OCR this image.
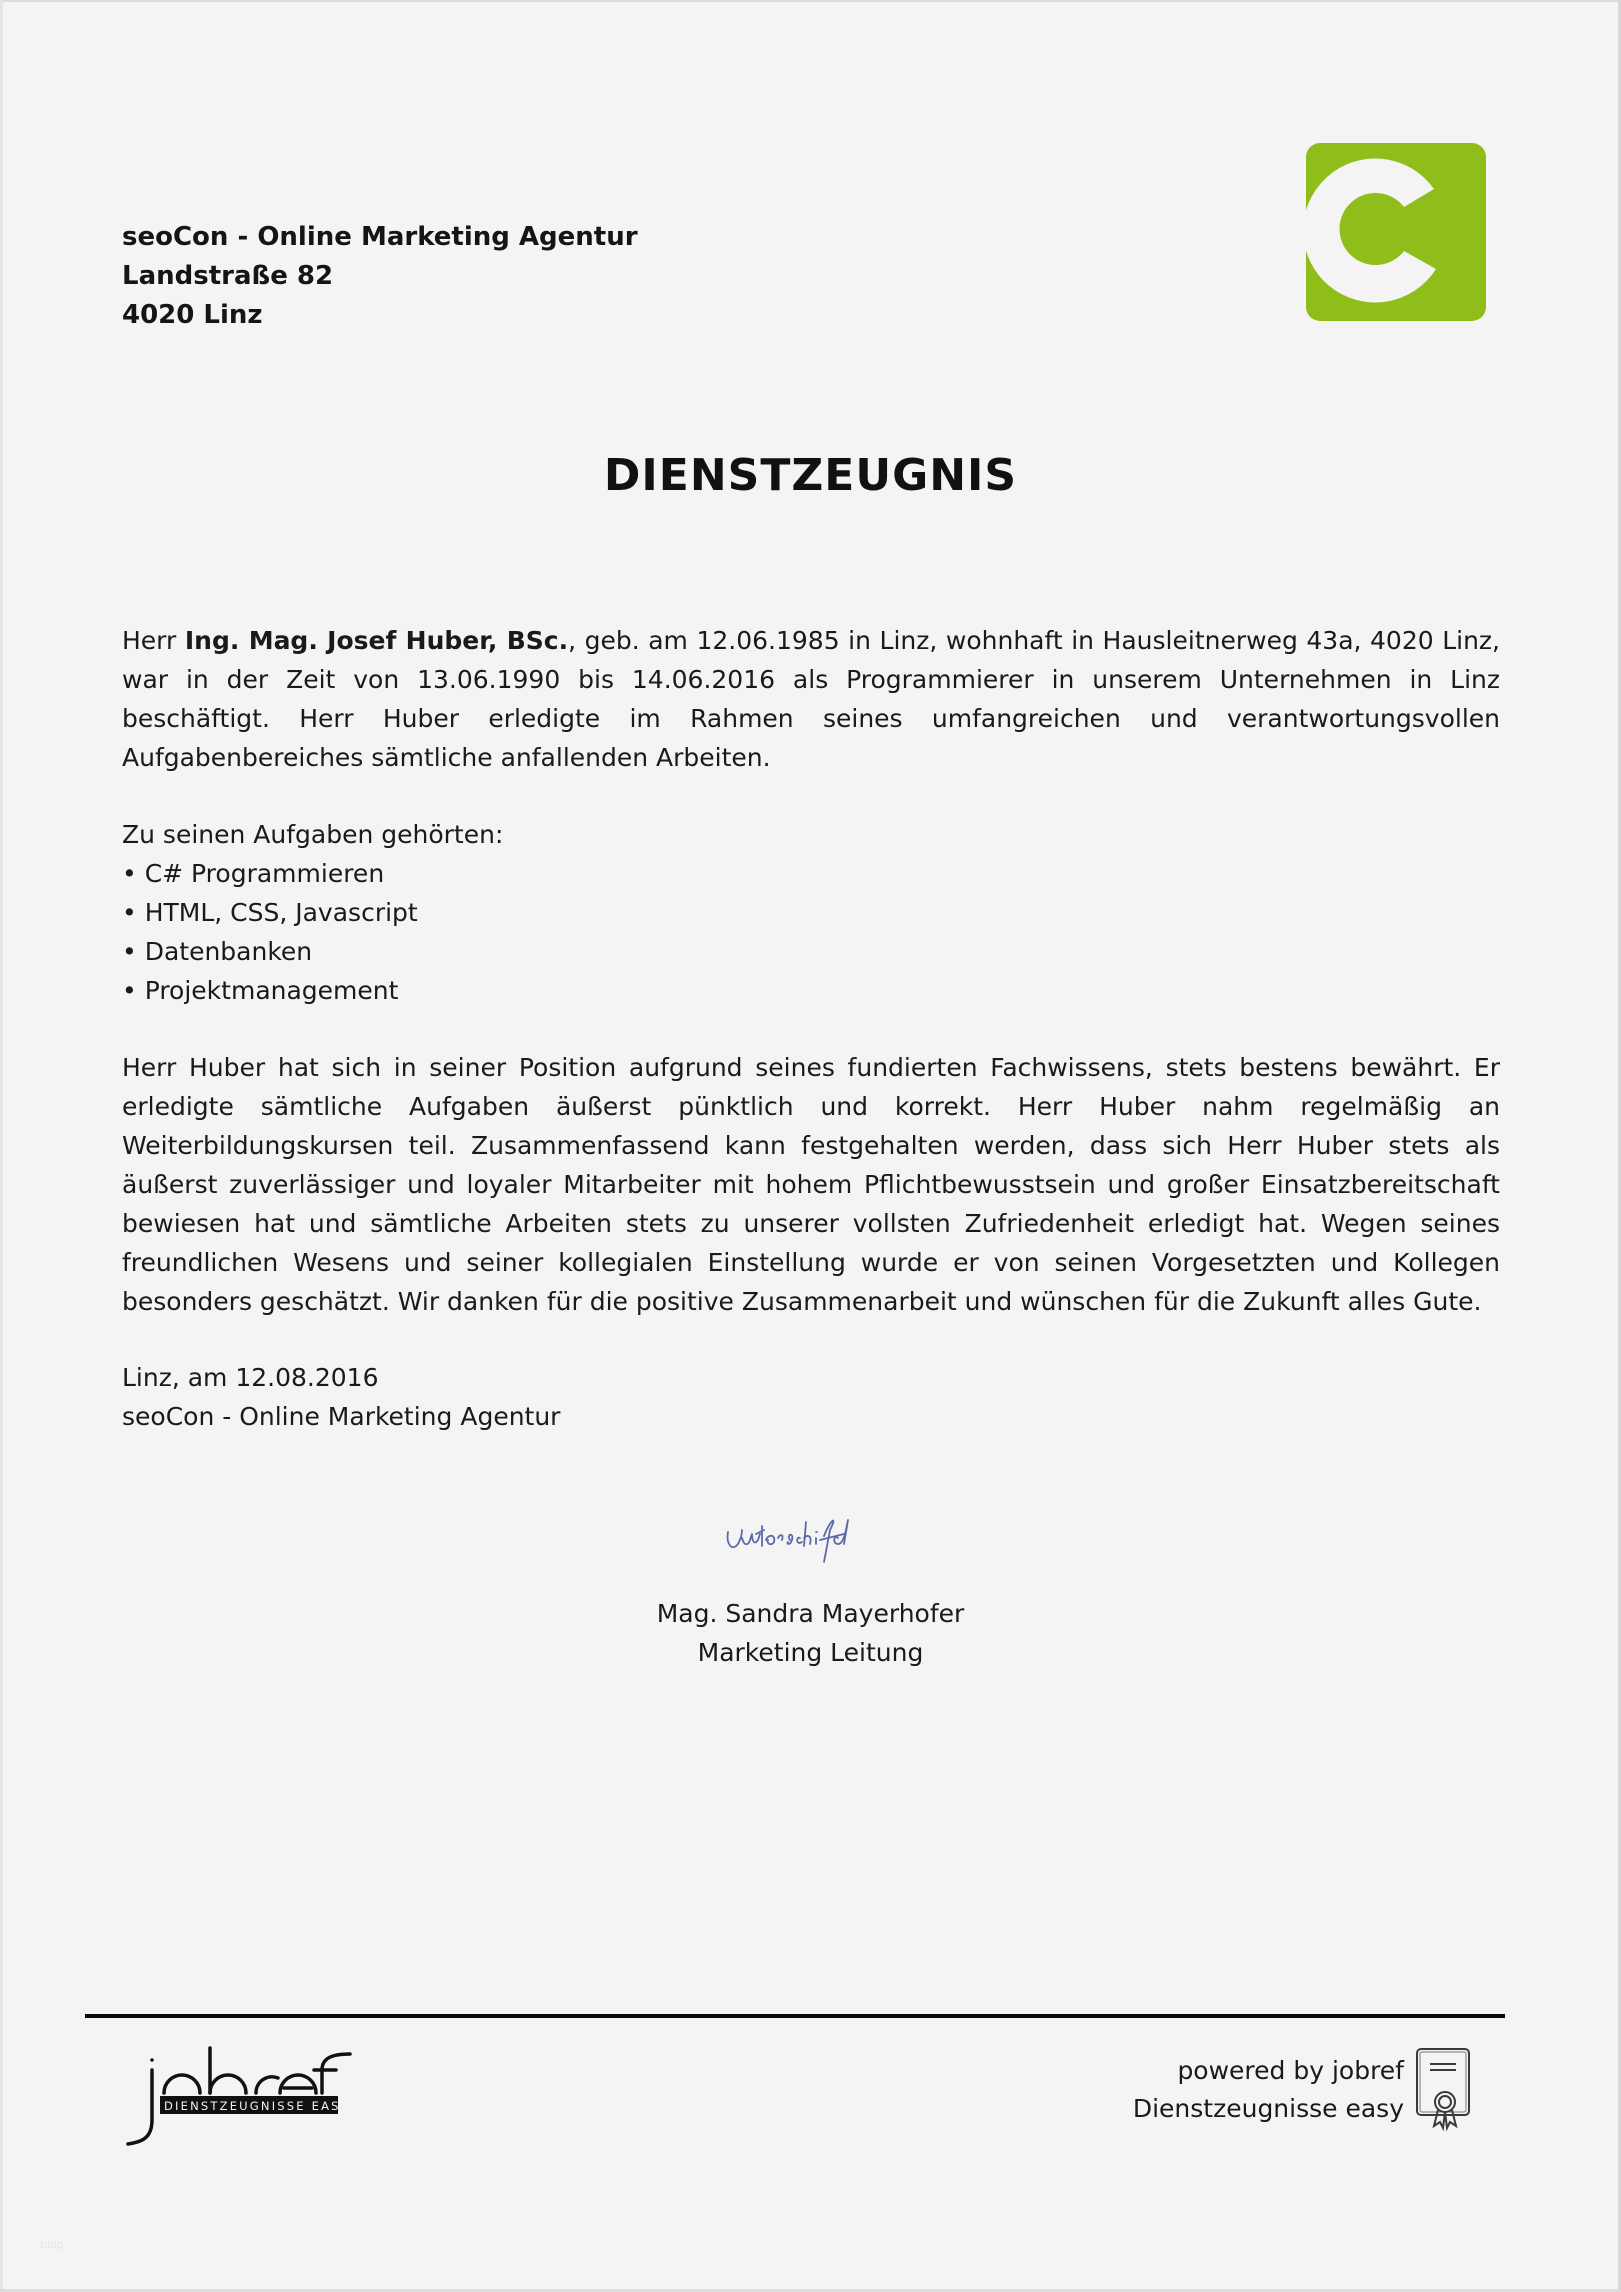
seoCon - Online Marketing Agentur
Landstraße 82
4020 Linz
DIENSTZEUGNIS
Herr Ing. Mag. Josef Huber, BSc., geb. am 12.06.1985 in Linz, wohnhaft in Hausleitnerweg 43a, 4020 Linz, war in der Zeit von 13.06.1990 bis 14.06.2016 als Programmierer in unserem Unternehmen in Linz beschäftigt. Herr Huber erledigte im Rahmen seines umfangreichen und verantwortungsvollen Aufgabenbereiches sämtliche anfallenden Arbeiten.
Zu seinen Aufgaben gehörten:
• C# Programmieren
• HTML, CSS, Javascript
• Datenbanken
• Projektmanagement
Herr Huber hat sich in seiner Position aufgrund seines fundierten Fachwissens, stets bestens bewährt. Er erledigte sämtliche Aufgaben äußerst pünktlich und korrekt. Herr Huber nahm regelmäßig an Weiterbildungskursen teil. Zusammenfassend kann festgehalten werden, dass sich Herr Huber stets als äußerst zuverlässiger und loyaler Mitarbeiter mit hohem Pflichtbewusstsein und großer Einsatzbereitschaft bewiesen hat und sämtliche Arbeiten stets zu unserer vollsten Zufriedenheit erledigt hat. Wegen seines freundlichen Wesens und seiner kollegialen Einstellung wurde er von seinen Vorgesetzten und Kollegen besonders geschätzt. Wir danken für die positive Zusammenarbeit und wünschen für die Zukunft alles Gute.
Linz, am 12.08.2016
seoCon - Online Marketing Agentur
Mag. Sandra Mayerhofer
Marketing Leitung
DIENSTZEUGNISSE EASY
powered by jobref
Dienstzeugnisse easy
blog
